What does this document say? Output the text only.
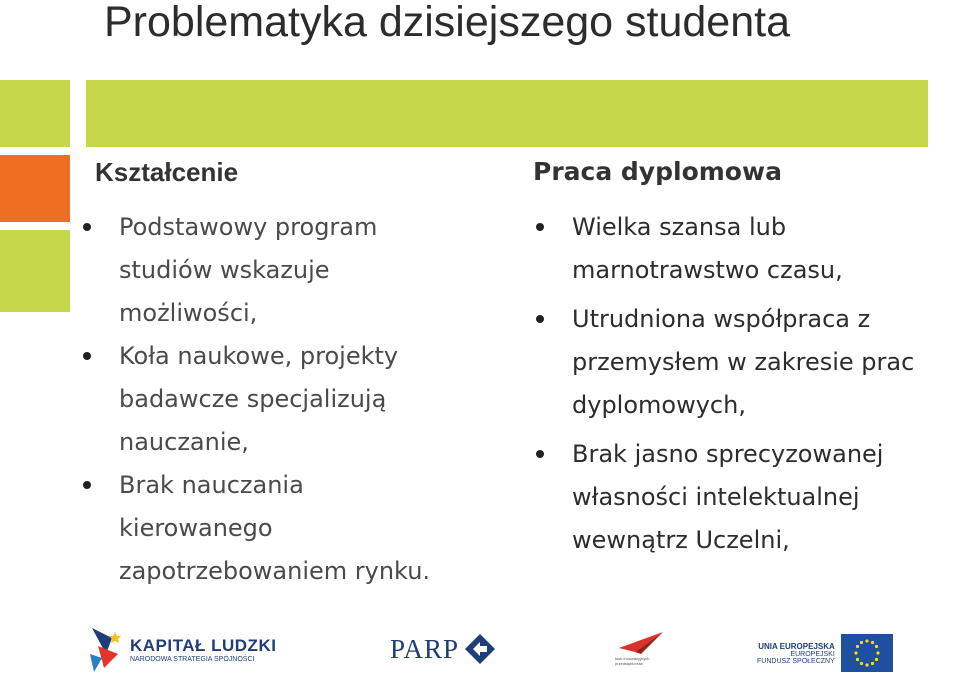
Problematyka dzisiejszego studenta
Kształcenie
Podstawowy program
studiów wskazuje
możliwości,
Koła naukowe, projekty
badawcze specjalizują
nauczanie,
Brak nauczania
kierowanego
zapotrzebowaniem rynku.
Praca dyplomowa
Wielka szansa lub
marnotrawstwo czasu,
Utrudniona współpraca z
przemysłem w zakresie prac
dyplomowych,
Brak jasno sprecyzowanej
własności intelektualnej
wewnątrz Uczelni,
KAPITAŁ LUDZKI
NARODOWA STRATEGIA SPÓJNOŚCI	PARP	klub innowacyjnych przedsiębiorstw
UNIA EUROPEJSKA
EUROPEJSKI
FUNDUSZ SPOŁECZNY
